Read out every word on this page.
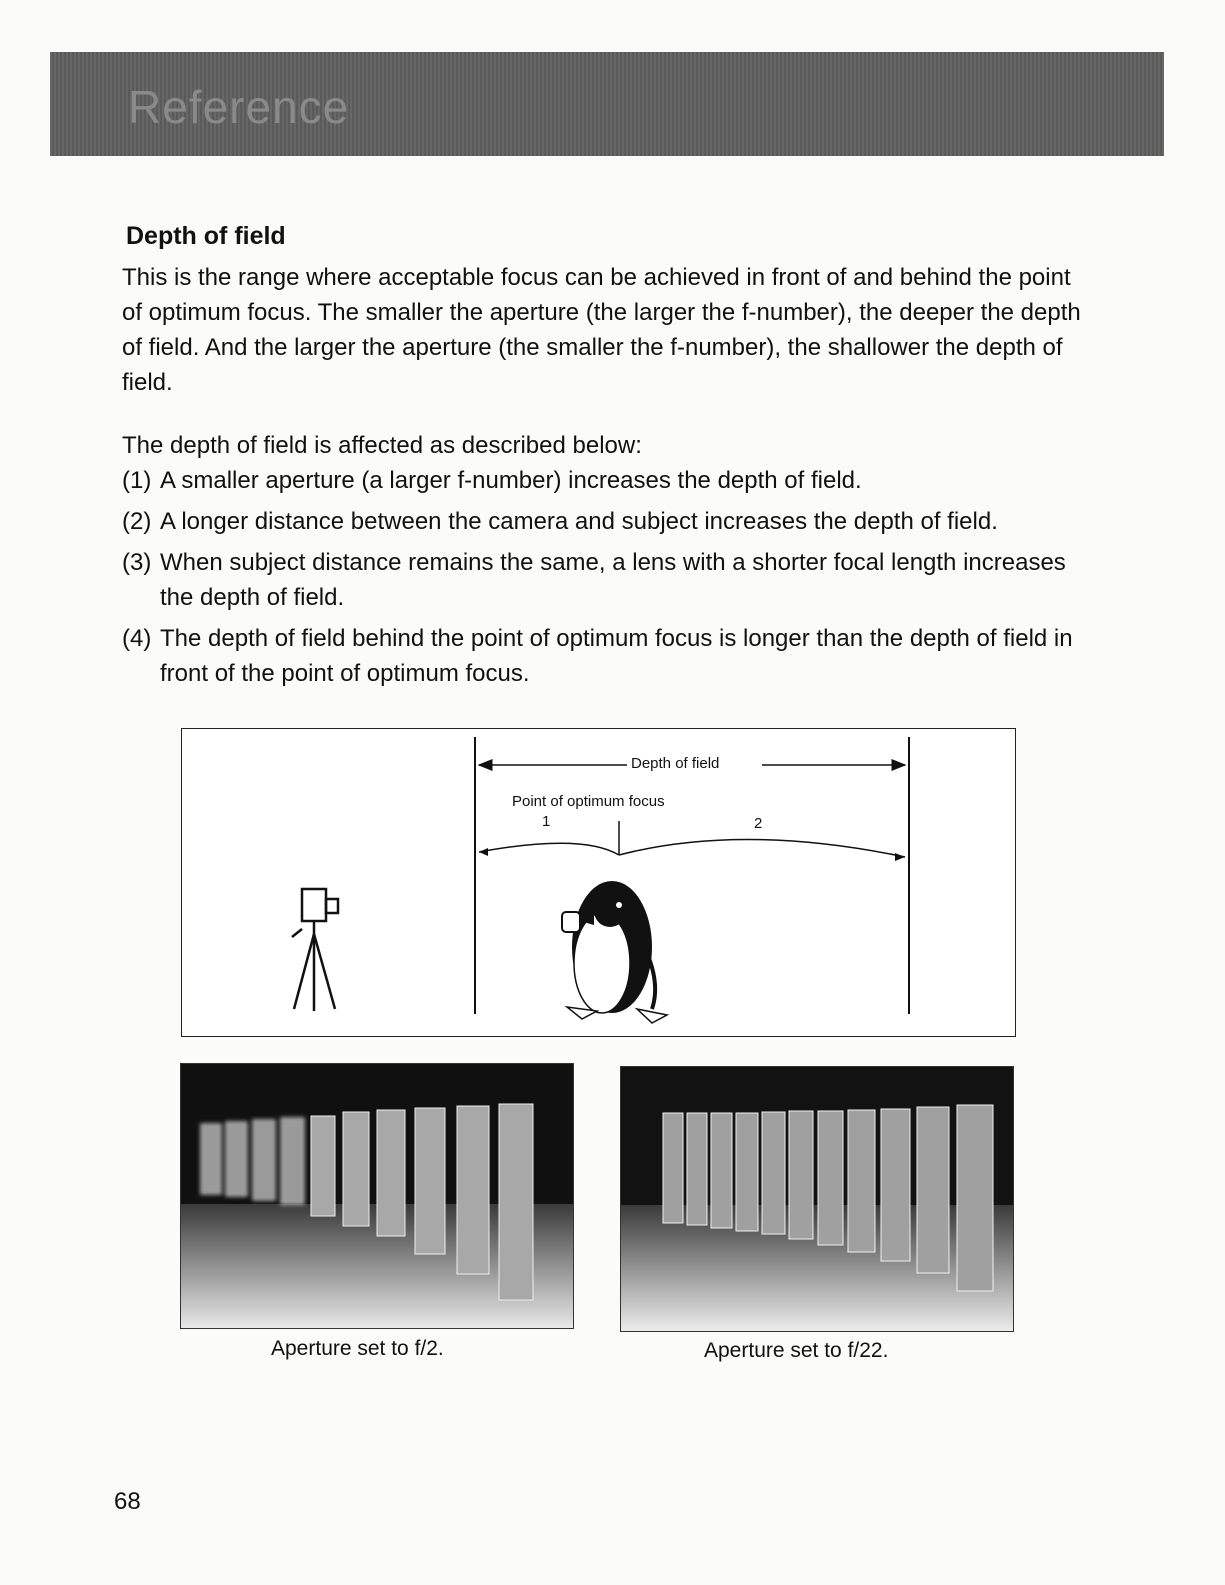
Reference
Depth of field

This is the range where acceptable focus can be achieved in front of and behind the point of optimum focus. The smaller the aperture (the larger the f-number), the deeper the depth of field. And the larger the aperture (the smaller the f-number), the shallower the depth of field.

The depth of field is affected as described below:
(1) A smaller aperture (a larger f-number) increases the depth of field.
(2) A longer distance between the camera and subject increases the depth of field.
(3) When subject distance remains the same, a lens with a shorter focal length increases the depth of field.
(4) The depth of field behind the point of optimum focus is longer than the depth of field in front of the point of optimum focus.
Depth of field
Point of optimum focus
1	2
Aperture set to f/2.	Aperture set to f/22.
68
